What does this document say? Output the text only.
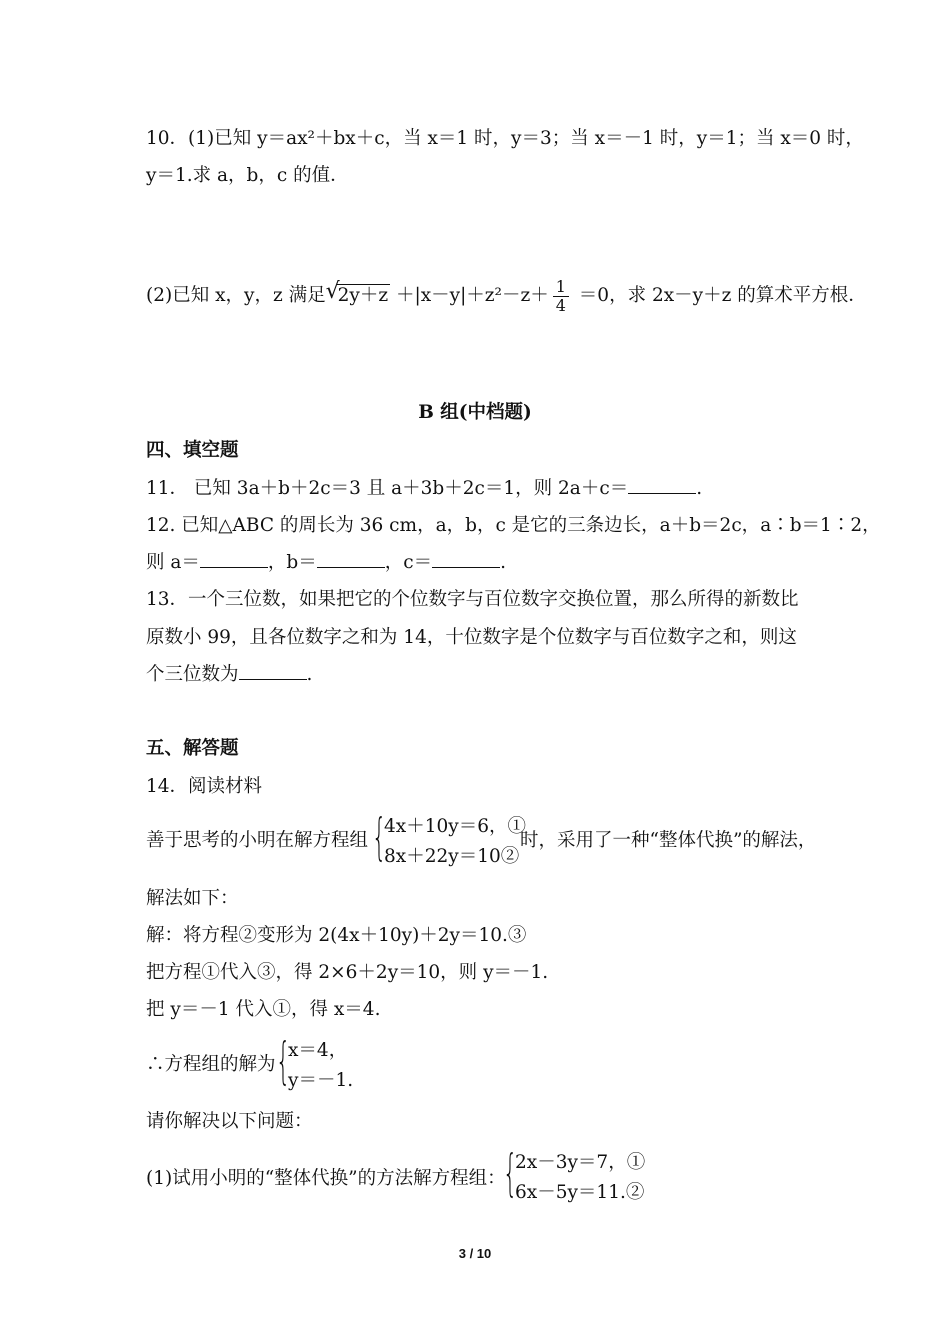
10．(1)已知 y＝ax²＋bx＋c，当 x＝1 时，y＝3；当 x＝－1 时，y＝1；当 x＝0 时，
y＝1.求 a，b，c 的值．
(2)已知 x，y，z 满足 √
$2y+z +|x-y|+z^2-z+ \frac{1}{4} =0$，求 2x－y＋z 的算术平方根．
B 组(中档题)
四、填空题
11． 已知 3a＋b＋2c＝3 且 a＋3b＋2c＝1，则 2a＋c＝	.
12. 已知△ABC 的周长为 36 cm，a，b，c 是它的三条边长，a＋b＝2c，a∶b＝1∶2，
则 a＝	，b＝	，c＝	.
13．一个三位数，如果把它的个位数字与百位数字交换位置，那么所得的新数比
原数小 99，且各位数字之和为 14，十位数字是个位数字与百位数字之和，则这
个三位数为	.
五、解答题
14．阅读材料
善于思考的小明在解方程组 {
4x＋10y＝6，①
8x＋22y＝10②
时，采用了一种“整体代换”的解法，
解法如下：
解：将方程②变形为 2(4x＋10y)＋2y＝10.③
把方程①代入③，得 2×6＋2y＝10，则 y＝－1.
把 y＝－1 代入①，得 x＝4.
∴方程组的解为 {
x＝4，
y＝－1.
请你解决以下问题：
(1)试用小明的“整体代换”的方法解方程组：
{
2x－3y＝7，①
6x－5y＝11.②
3 / 10
